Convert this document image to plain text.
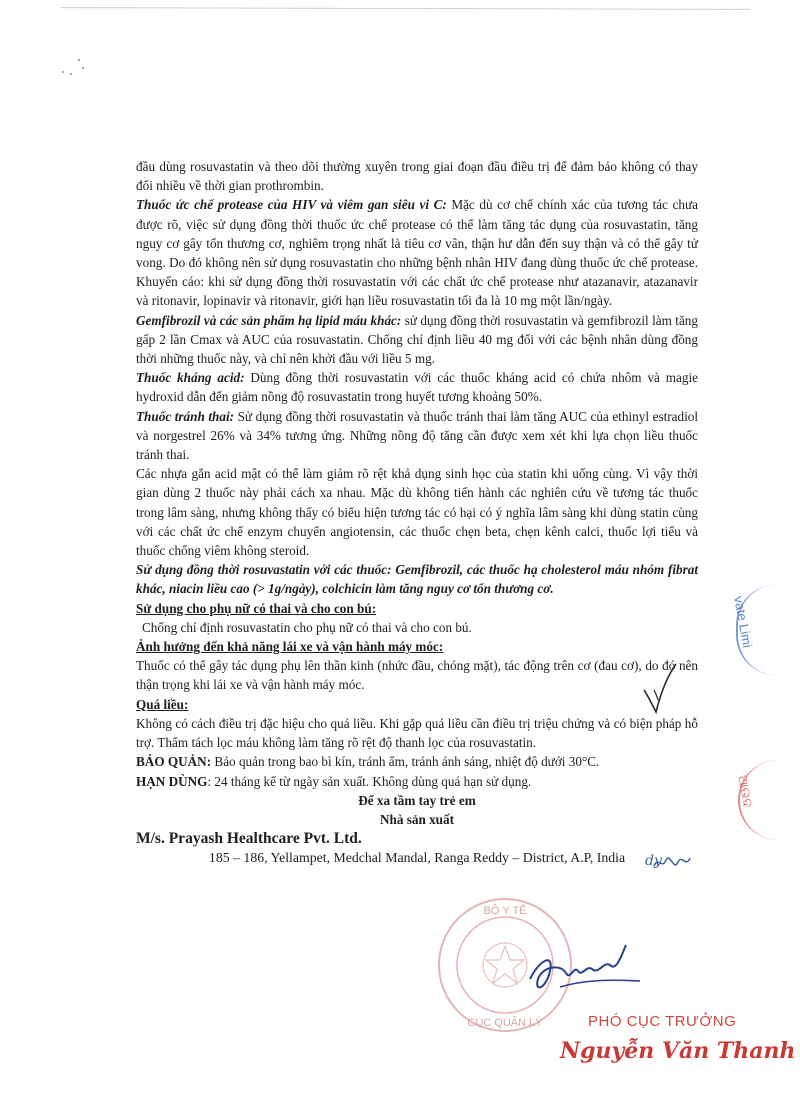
đầu dùng rosuvastatin và theo dõi thường xuyên trong giai đoạn đầu điều trị để đảm bảo không có thay đổi nhiều về thời gian prothrombin.

Thuốc ức chế protease của HIV và viêm gan siêu vi C: Mặc dù cơ chế chính xác của tương tác chưa được rõ, việc sử dụng đồng thời thuốc ức chế protease có thể làm tăng tác dụng của rosuvastatin, tăng nguy cơ gây tổn thương cơ, nghiêm trọng nhất là tiêu cơ vân, thận hư dẫn đến suy thận và có thể gây tử vong. Do đó không nên sử dụng rosuvastatin cho những bệnh nhân HIV đang dùng thuốc ức chế protease. Khuyến cáo: khi sử dụng đồng thời rosuvastatin với các chất ức chế protease như atazanavir, atazanavir và ritonavir, lopinavir và ritonavir, giới hạn liều rosuvastatin tối đa là 10 mg một lần/ngày.

Gemfibrozil và các sản phẩm hạ lipid máu khác: sử dụng đồng thời rosuvastatin và gemfibrozil làm tăng gấp 2 lần Cmax và AUC của rosuvastatin. Chống chỉ định liều 40 mg đối với các bệnh nhân dùng đồng thời những thuốc này, và chỉ nên khởi đầu với liều 5 mg.

Thuốc kháng acid: Dùng đồng thời rosuvastatin với các thuốc kháng acid có chứa nhôm và magie hydroxid dẫn đến giảm nồng độ rosuvastatin trong huyết tương khoảng 50%.

Thuốc tránh thai: Sử dụng đồng thời rosuvastatin và thuốc tránh thai làm tăng AUC của ethinyl estradiol và norgestrel 26% và 34% tương ứng. Những nồng độ tăng cần được xem xét khi lựa chọn liều thuốc tránh thai.

Các nhựa gắn acid mật có thể làm giảm rõ rệt khả dụng sinh học của statin khi uống cùng. Vì vậy thời gian dùng 2 thuốc này phải cách xa nhau. Mặc dù không tiến hành các nghiên cứu về tương tác thuốc trong lâm sàng, nhưng không thấy có biểu hiện tương tác có hại có ý nghĩa lâm sàng khi dùng statin cùng với các chất ức chế enzym chuyển angiotensin, các thuốc chẹn beta, chẹn kênh calci, thuốc lợi tiểu và thuốc chống viêm không steroid.

Sử dụng đồng thời rosuvastatin với các thuốc: Gemfibrozil, các thuốc hạ cholesterol máu nhóm fibrat khác, niacin liều cao (> 1g/ngày), colchicin làm tăng nguy cơ tổn thương cơ.

Sử dụng cho phụ nữ có thai và cho con bú:

Chống chỉ định rosuvastatin cho phụ nữ có thai và cho con bú.

Ảnh hưởng đến khả năng lái xe và vận hành máy móc:

Thuốc có thể gây tác dụng phụ lên thần kinh (nhức đầu, chóng mặt), tác động trên cơ (đau cơ), do đó nên thận trọng khi lái xe và vận hành máy móc.

Quá liều:

Không có cách điều trị đặc hiệu cho quá liều. Khi gặp quá liều cần điều trị triệu chứng và có biện pháp hỗ trợ. Thẩm tách lọc máu không làm tăng rõ rệt độ thanh lọc của rosuvastatin.

BẢO QUẢN: Bảo quản trong bao bì kín, tránh ẩm, tránh ánh sáng, nhiệt độ dưới 30°C.

HẠN DÙNG: 24 tháng kể từ ngày sản xuất. Không dùng quá hạn sử dụng.

Để xa tầm tay trẻ em

Nhà sản xuất

M/s. Prayash Healthcare Pvt. Ltd.

185 – 186, Yellampet, Medchal Mandal, Ranga Reddy – District, A.P, India

vate Limi
ଆଉଦ
BỘ Y TẾ
CỤC QUẢN LÝ
dy
PHÓ CỤC TRƯỞNG
Nguyễn Văn Thanh
